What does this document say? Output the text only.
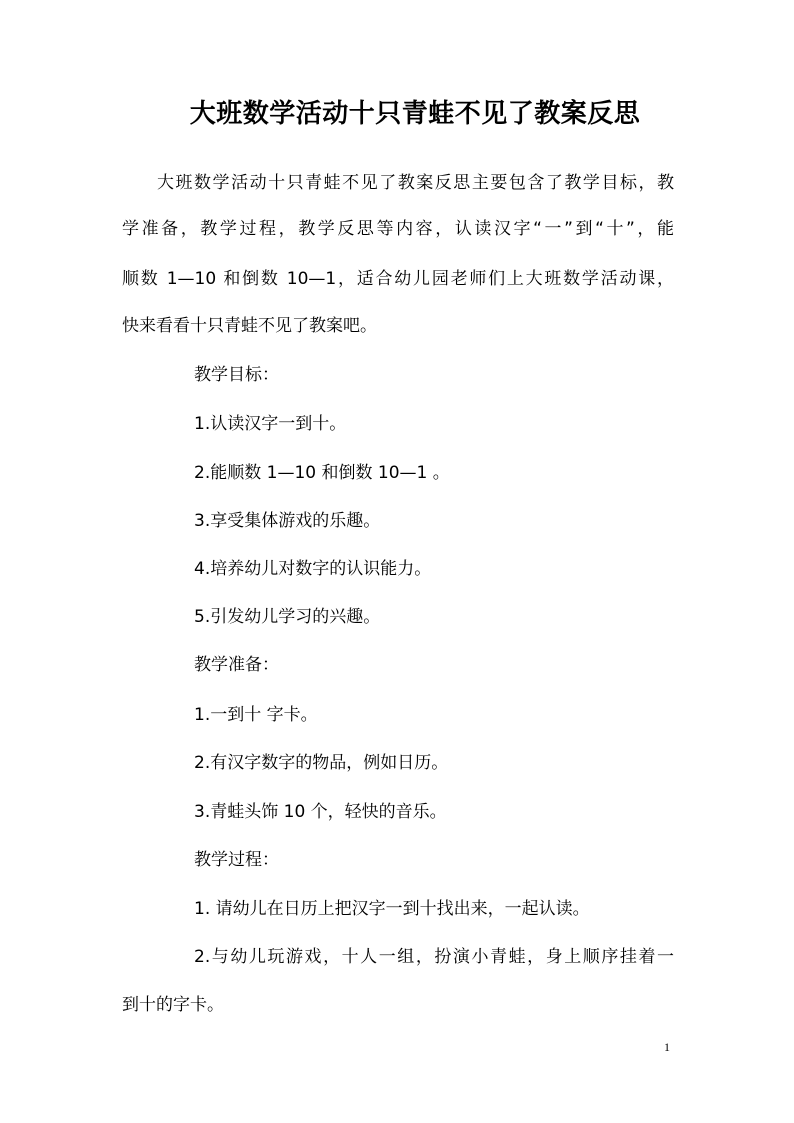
大班数学活动十只青蛙不见了教案反思
大班数学活动十只青蛙不见了教案反思主要包含了教学目标，教
学准备，教学过程，教学反思等内容，认读汉字“一”到“十”，能
顺数 1—10 和倒数 10—1，适合幼儿园老师们上大班数学活动课，
快来看看十只青蛙不见了教案吧。
教学目标：
1.认读汉字一到十。
2.能顺数 1—10 和倒数 10—1 。
3.享受集体游戏的乐趣。
4.培养幼儿对数字的认识能力。
5.引发幼儿学习的兴趣。
教学准备：
1.一到十 字卡。
2.有汉字数字的物品，例如日历。
3.青蛙头饰 10 个，轻快的音乐。
教学过程：
1. 请幼儿在日历上把汉字一到十找出来，一起认读。
2.与幼儿玩游戏，十人一组，扮演小青蛙，身上顺序挂着一
到十的字卡。
1
